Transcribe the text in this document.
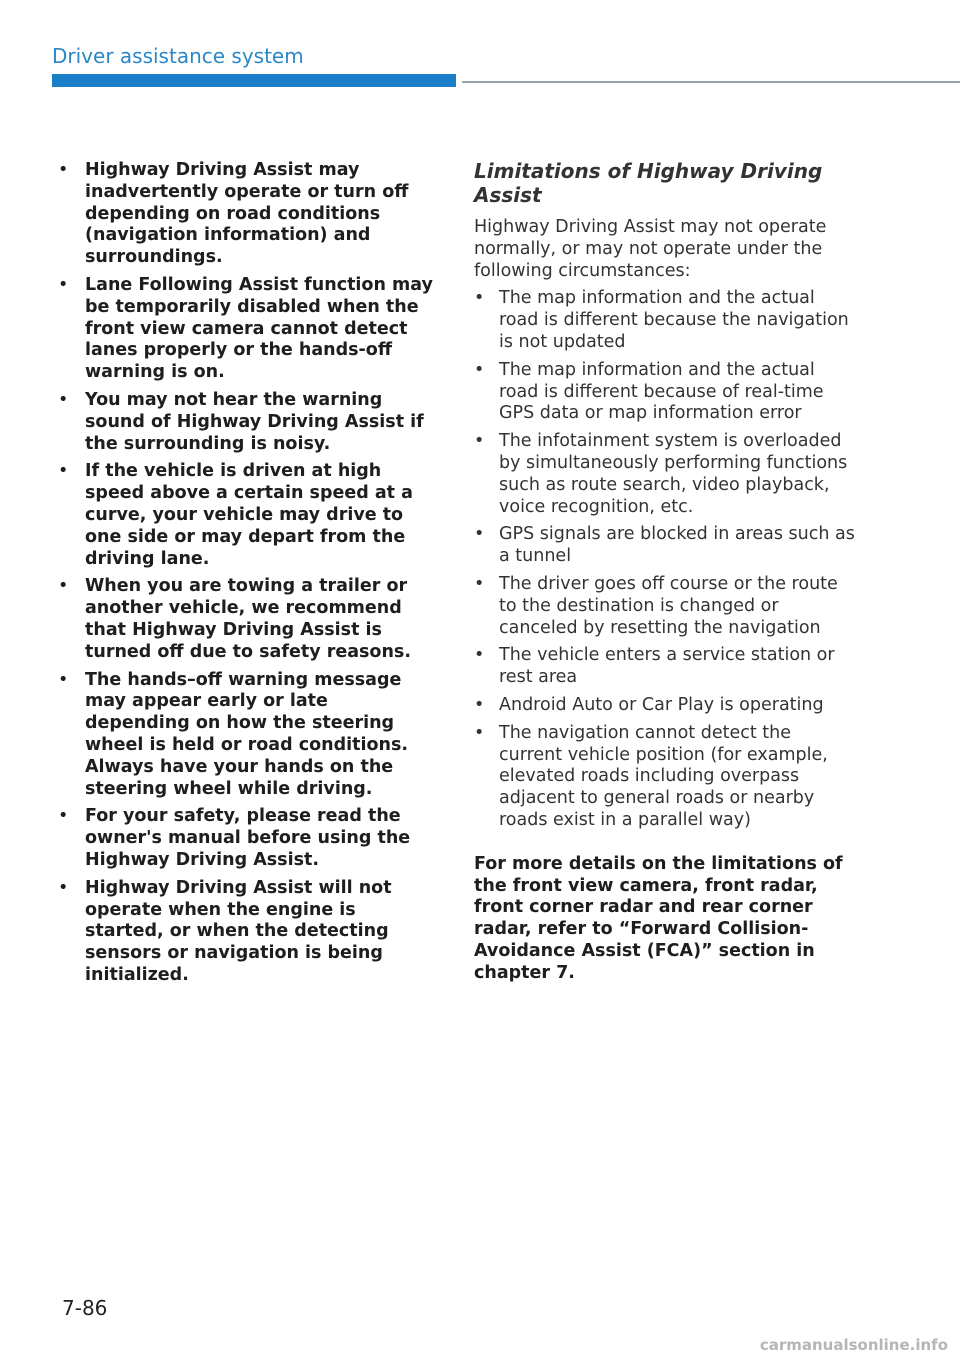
Driver assistance system
• Highway Driving Assist may inadvertently operate or turn off depending on road conditions (navigation information) and surroundings.
• Lane Following Assist function may be temporarily disabled when the front view camera cannot detect lanes properly or the hands-off warning is on.
• You may not hear the warning sound of Highway Driving Assist if the surrounding is noisy.
• If the vehicle is driven at high speed above a certain speed at a curve, your vehicle may drive to one side or may depart from the driving lane.
• When you are towing a trailer or another vehicle, we recommend that Highway Driving Assist is turned off due to safety reasons.
• The hands–off warning message may appear early or late depending on how the steering wheel is held or road conditions. Always have your hands on the steering wheel while driving.
• For your safety, please read the owner's manual before using the Highway Driving Assist.
• Highway Driving Assist will not operate when the engine is started, or when the detecting sensors or navigation is being initialized.
Limitations of Highway Driving Assist

Highway Driving Assist may not operate normally, or may not operate under the following circumstances:

• The map information and the actual road is different because the navigation is not updated
• The map information and the actual road is different because of real-time GPS data or map information error
• The infotainment system is overloaded by simultaneously performing functions such as route search, video playback, voice recognition, etc.
• GPS signals are blocked in areas such as a tunnel
• The driver goes off course or the route to the destination is changed or canceled by resetting the navigation
• The vehicle enters a service station or rest area
• Android Auto or Car Play is operating
• The navigation cannot detect the current vehicle position (for example, elevated roads including overpass adjacent to general roads or nearby roads exist in a parallel way)

For more details on the limitations of the front view camera, front radar, front corner radar and rear corner radar, refer to “Forward Collision-Avoidance Assist (FCA)” section in chapter 7.

7-86
carmanualsonline.info
